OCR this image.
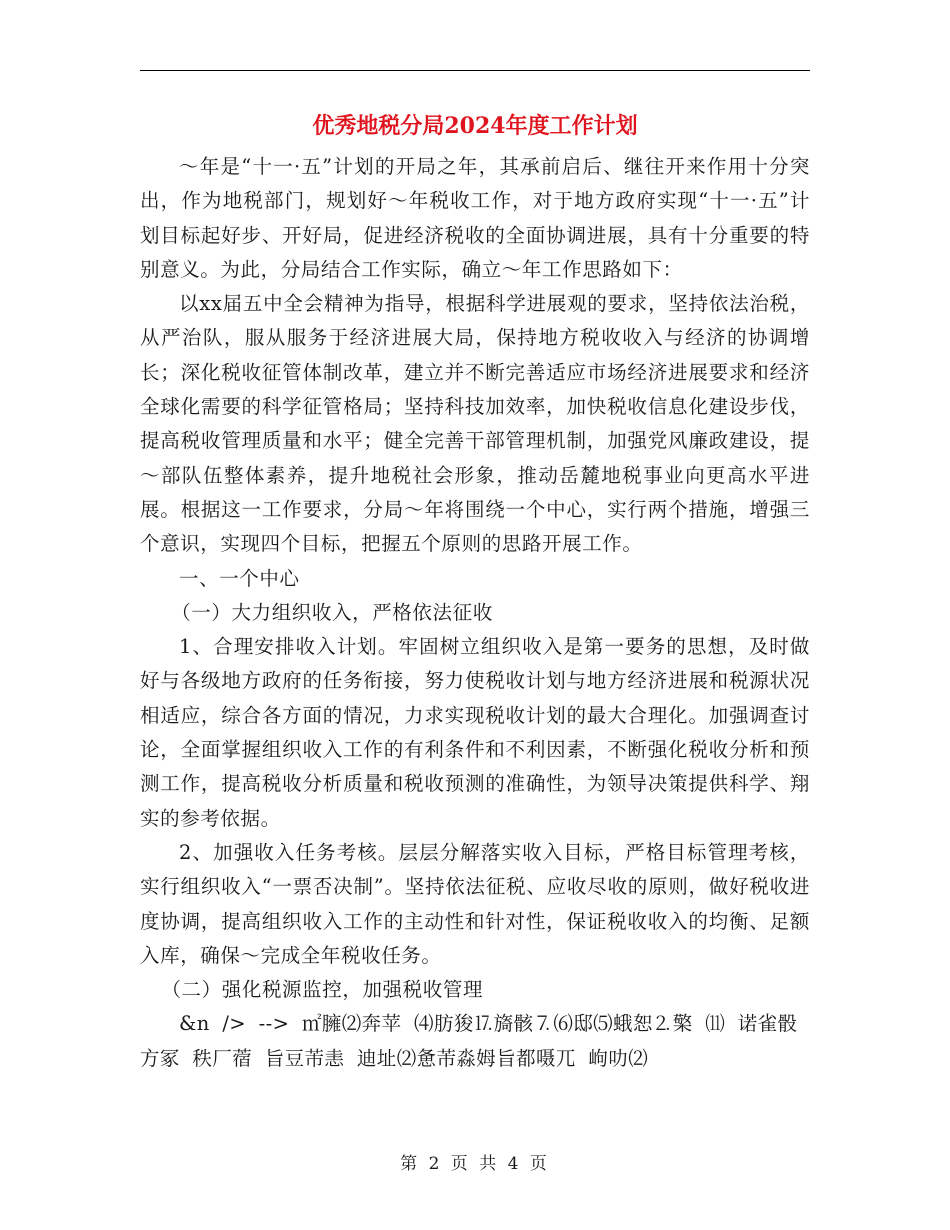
优秀地税分局2024年度工作计划

～年是“十一·五”计划的开局之年，其承前启后、继往开来作用十分突出，作为地税部门，规划好～年税收工作，对于地方政府实现“十一·五”计划目标起好步、开好局，促进经济税收的全面协调进展，具有十分重要的特别意义。为此，分局结合工作实际，确立～年工作思路如下：

以xx届五中全会精神为指导，根据科学进展观的要求，坚持依法治税，从严治队，服从服务于经济进展大局，保持地方税收收入与经济的协调增长；深化税收征管体制改革，建立并不断完善适应市场经济进展要求和经济全球化需要的科学征管格局；坚持科技加效率，加快税收信息化建设步伐，提高税收管理质量和水平；健全完善干部管理机制，加强党风廉政建设，提～部队伍整体素养，提升地税社会形象，推动岳麓地税事业向更高水平进展。根据这一工作要求，分局～年将围绕一个中心，实行两个措施，增强三个意识，实现四个目标，把握五个原则的思路开展工作。

一、一个中心

（一）大力组织收入，严格依法征收

1、合理安排收入计划。牢固树立组织收入是第一要务的思想，及时做好与各级地方政府的任务衔接，努力使税收计划与地方经济进展和税源状况相适应，综合各方面的情况，力求实现税收计划的最大合理化。加强调查讨论，全面掌握组织收入工作的有利条件和不利因素，不断强化税收分析和预测工作，提高税收分析质量和税收预测的准确性，为领导决策提供科学、翔实的参考依据。

2、加强收入任务考核。层层分解落实收入目标，严格目标管理考核，实行组织收入“一票否决制”。坚持依法征税、应收尽收的原则，做好税收进度协调，提高组织收入工作的主动性和针对性，保证税收收入的均衡、足额入库，确保～完成全年税收任务。

（二）强化税源监控，加强税收管理

&n /> --> ㎡臃⑵奔苹 ⑷肪狻⒘旖骸⒎⑹邸⑸蛾恕⒉檠 ⑾ 诺雀骰方冢 秩厂蓿 旨豆芾恚 迪址⑵惫芾淼姆旨都嗫兀 岣叻⑵

第 2 页 共 4 页
